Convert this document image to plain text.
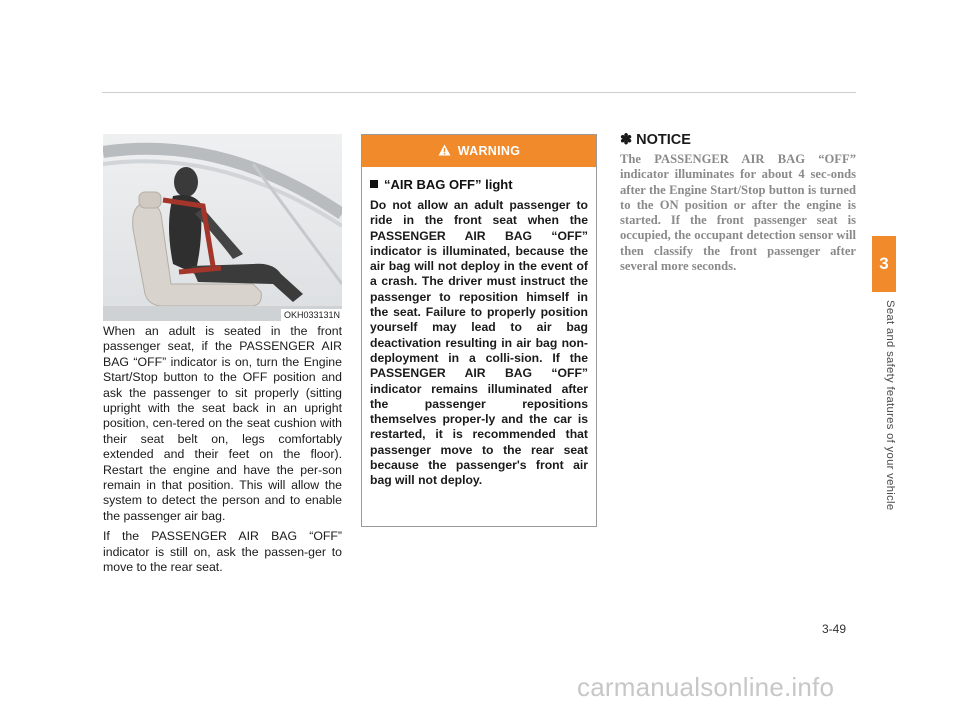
OKH033131N

When an adult is seated in the front passenger seat, if the PASSENGER AIR BAG “OFF” indicator is on, turn the Engine Start/Stop button to the OFF position and ask the passenger to sit properly (sitting upright with the seat back in an upright position, cen-tered on the seat cushion with their seat belt on, legs comfortably extended and their feet on the floor). Restart the engine and have the per-son remain in that position. This will allow the system to detect the person and to enable the passenger air bag.

If the PASSENGER AIR BAG “OFF” indicator is still on, ask the passen-ger to move to the rear seat.

WARNING
“AIR BAG OFF” light
Do not allow an adult passenger to ride in the front seat when the PASSENGER AIR BAG “OFF” indicator is illuminated, because the air bag will not deploy in the event of a crash. The driver must instruct the passenger to reposition himself in the seat. Failure to properly position yourself may lead to air bag deactivation resulting in air bag non-deployment in a colli-sion. If the PASSENGER AIR BAG “OFF” indicator remains illuminated after the passenger repositions themselves proper-ly and the car is restarted, it is recommended that passenger move to the rear seat because the passenger's front air bag will not deploy.
✽ NOTICE

The PASSENGER AIR BAG “OFF” indicator illuminates for about 4 sec-onds after the Engine Start/Stop button is turned to the ON position or after the engine is started. If the front passenger seat is occupied, the occupant detection sensor will then classify the front passenger after several more seconds.	3
Seat and safety features of your vehicle
3-49
carmanualsonline.info
